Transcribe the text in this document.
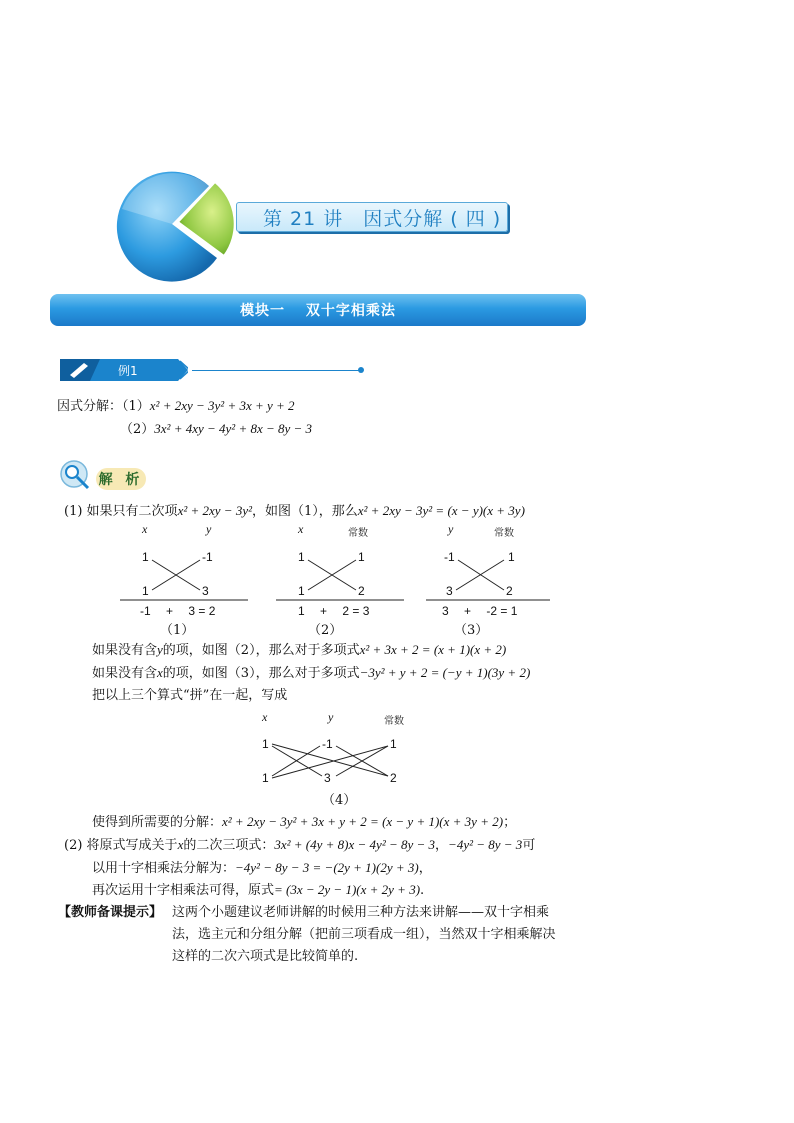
第 21 讲　因式分解 ( 四 )
模块一　 双十字相乘法
例1
因式分解：（1）x² + 2xy − 3y² + 3x + y + 2
（2）3x² + 4xy − 4y² + 8x − 8y − 3
解 析
(1) 如果只有二次项x² + 2xy − 3y²，如图（1），那么x² + 2xy − 3y² = (x − y)(x + 3y)
x	y
1	-1
1	3
-1　 +　 3 = 2
（1）
x	常数
1	1
1	2
1　 +　 2 = 3
（2）
y	常数
-1	1
3	2
3　 +　 -2 = 1
（3）
如果没有含y的项，如图（2），那么对于多项式x² + 3x + 2 = (x + 1)(x + 2)
如果没有含x的项，如图（3），那么对于多项式−3y² + y + 2 = (−y + 1)(3y + 2)
把以上三个算式“拼”在一起，写成
x	y	常数
1	-1	1
1	3	2
（4）
使得到所需要的分解：x² + 2xy − 3y² + 3x + y + 2 = (x − y + 1)(x + 3y + 2)；
(2) 将原式写成关于x的二次三项式：3x² + (4y + 8)x − 4y² − 8y − 3，−4y² − 8y − 3可
以用十字相乘法分解为：−4y² − 8y − 3 = −(2y + 1)(2y + 3)，
再次运用十字相乘法可得，原式= (3x − 2y − 1)(x + 2y + 3).
【教师备课提示】 这两个小题建议老师讲解的时候用三种方法来讲解——双十字相乘
法，选主元和分组分解（把前三项看成一组），当然双十字相乘解决
这样的二次六项式是比较简单的.
